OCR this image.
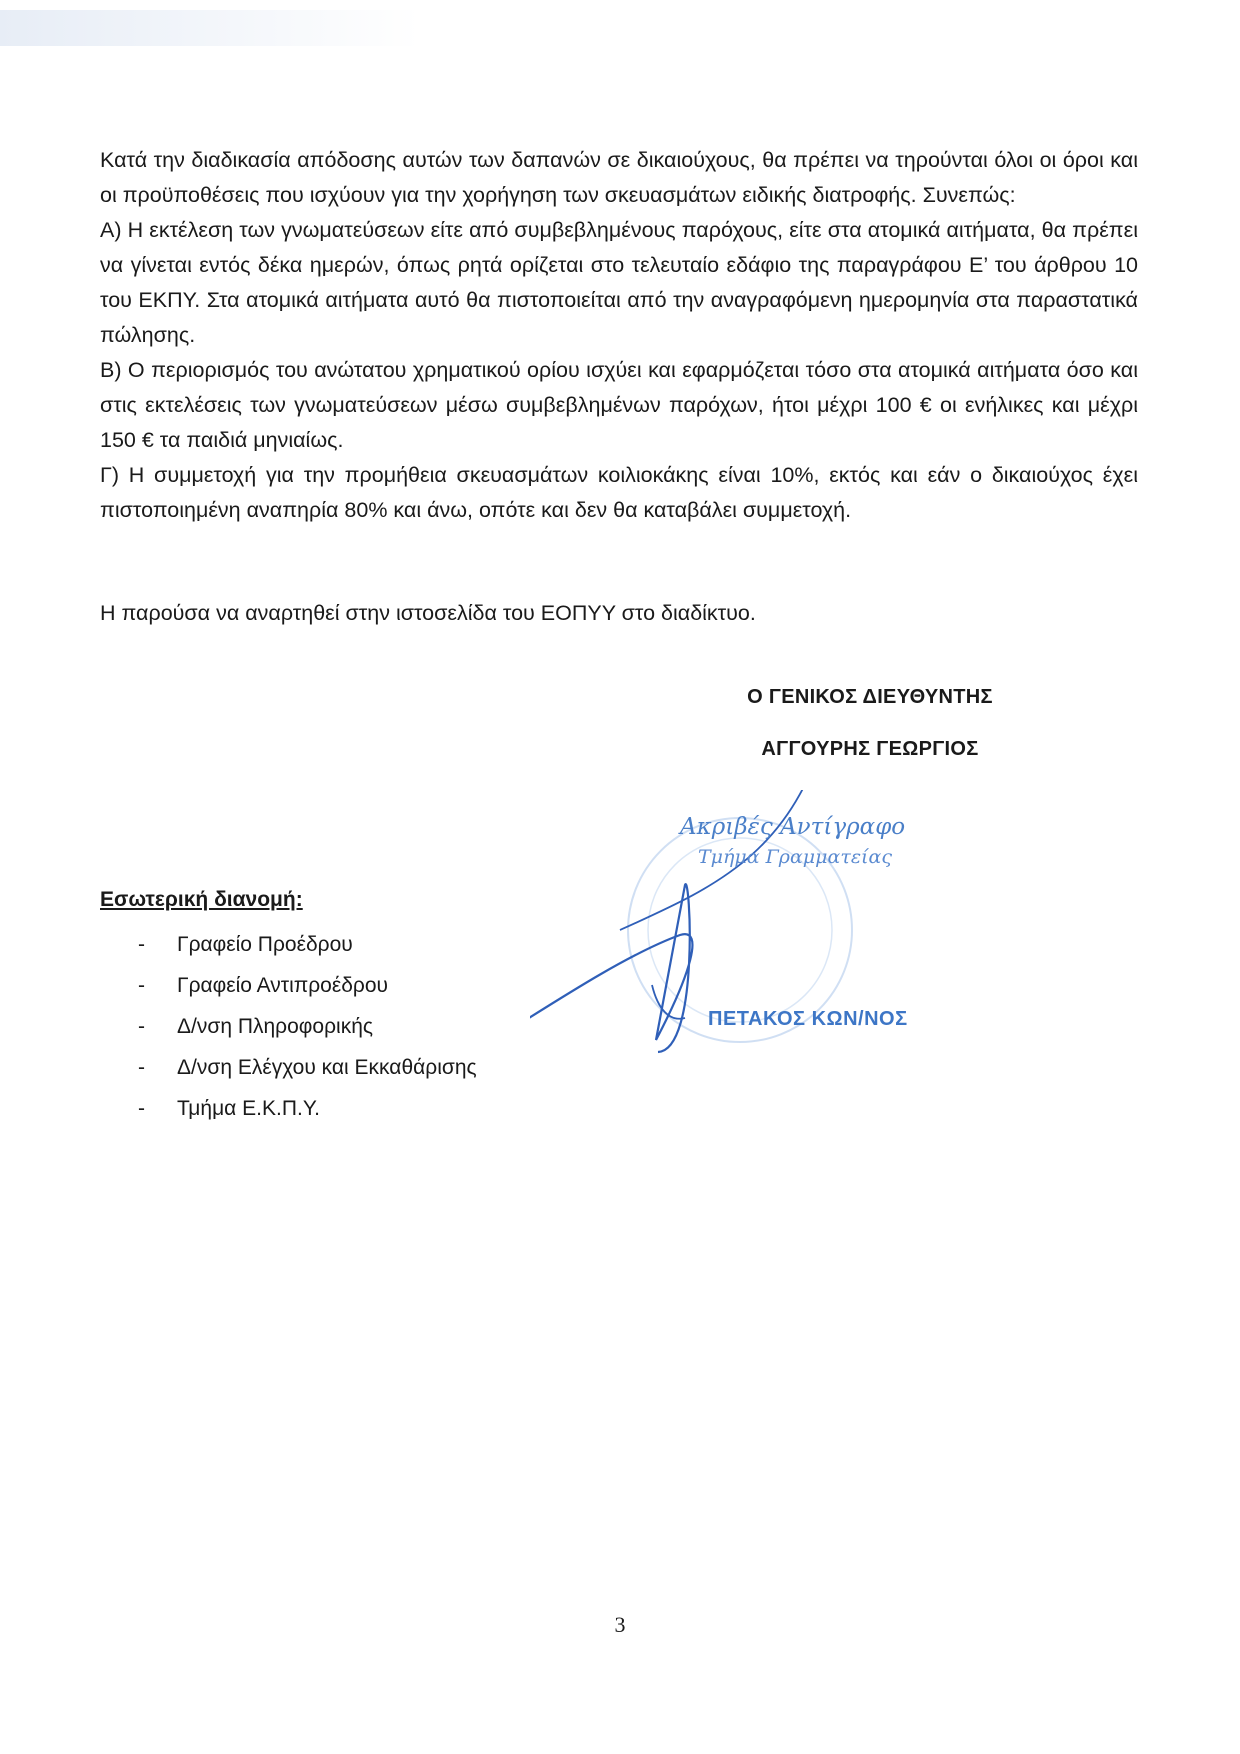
Κατά την διαδικασία απόδοσης αυτών των δαπανών σε δικαιούχους, θα πρέπει να τηρούνται όλοι οι όροι και οι προϋποθέσεις που ισχύουν για την χορήγηση των σκευασμάτων ειδικής διατροφής. Συνεπώς:

Α) Η εκτέλεση των γνωματεύσεων είτε από συμβεβλημένους παρόχους, είτε στα ατομικά αιτήματα, θα πρέπει να γίνεται εντός δέκα ημερών, όπως ρητά ορίζεται στο τελευταίο εδάφιο της παραγράφου Ε’ του άρθρου 10 του ΕΚΠΥ. Στα ατομικά αιτήματα αυτό θα πιστοποιείται από την αναγραφόμενη ημερομηνία στα παραστατικά πώλησης.

Β) Ο περιορισμός του ανώτατου χρηματικού ορίου ισχύει και εφαρμόζεται τόσο στα ατομικά αιτήματα όσο και στις εκτελέσεις των γνωματεύσεων μέσω συμβεβλημένων παρόχων, ήτοι μέχρι 100 € οι ενήλικες και μέχρι 150 € τα παιδιά μηνιαίως.

Γ) Η συμμετοχή για την προμήθεια σκευασμάτων κοιλιοκάκης είναι 10%, εκτός και εάν ο δικαιούχος έχει πιστοποιημένη αναπηρία 80% και άνω, οπότε και δεν θα καταβάλει συμμετοχή.

Η παρούσα να αναρτηθεί στην ιστοσελίδα του ΕΟΠΥΥ στο διαδίκτυο.
Ο ΓΕΝΙΚΟΣ ΔΙΕΥΘΥΝΤΗΣ
ΑΓΓΟΥΡΗΣ ΓΕΩΡΓΙΟΣ
Ακριβές Αντίγραφο
Τμήμα Γραμματείας
ΠΕΤΑΚΟΣ ΚΩΝ/ΝΟΣ
Εσωτερική διανομή:
- Γραφείο Προέδρου
- Γραφείο Αντιπροέδρου
- Δ/νση Πληροφορικής
- Δ/νση Ελέγχου και Εκκαθάρισης
- Τμήμα Ε.Κ.Π.Υ.
3
